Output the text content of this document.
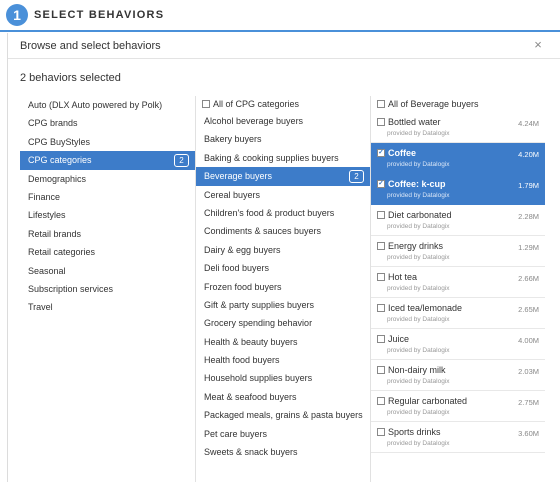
1	SELECT BEHAVIORS
Browse and select behaviors	×
2 behaviors selected
Auto (DLX Auto powered by Polk)
CPG brands
CPG BuyStyles
CPG categories	2
Demographics
Finance
Lifestyles
Retail brands
Retail categories
Seasonal
Subscription services
Travel
All of CPG categories
Alcohol beverage buyers
Bakery buyers
Baking & cooking supplies buyers
Beverage buyers	2
Cereal buyers
Children's food & product buyers
Condiments & sauces buyers
Dairy & egg buyers
Deli food buyers
Frozen food buyers
Gift & party supplies buyers
Grocery spending behavior
Health & beauty buyers
Health food buyers
Household supplies buyers
Meat & seafood buyers
Packaged meals, grains & pasta buyers
Pet care buyers
Sweets & snack buyers
All of Beverage buyers
Bottled water	4.24M
provided by Datalogix
✓ Coffee	4.20M
provided by Datalogix
✓ Coffee: k-cup	1.79M
provided by Datalogix
Diet carbonated	2.28M
provided by Datalogix
Energy drinks	1.29M
provided by Datalogix
Hot tea	2.66M
provided by Datalogix
Iced tea/lemonade	2.65M
provided by Datalogix
Juice	4.00M
provided by Datalogix
Non-dairy milk	2.03M
provided by Datalogix
Regular carbonated	2.75M
provided by Datalogix
Sports drinks	3.60M
provided by Datalogix
